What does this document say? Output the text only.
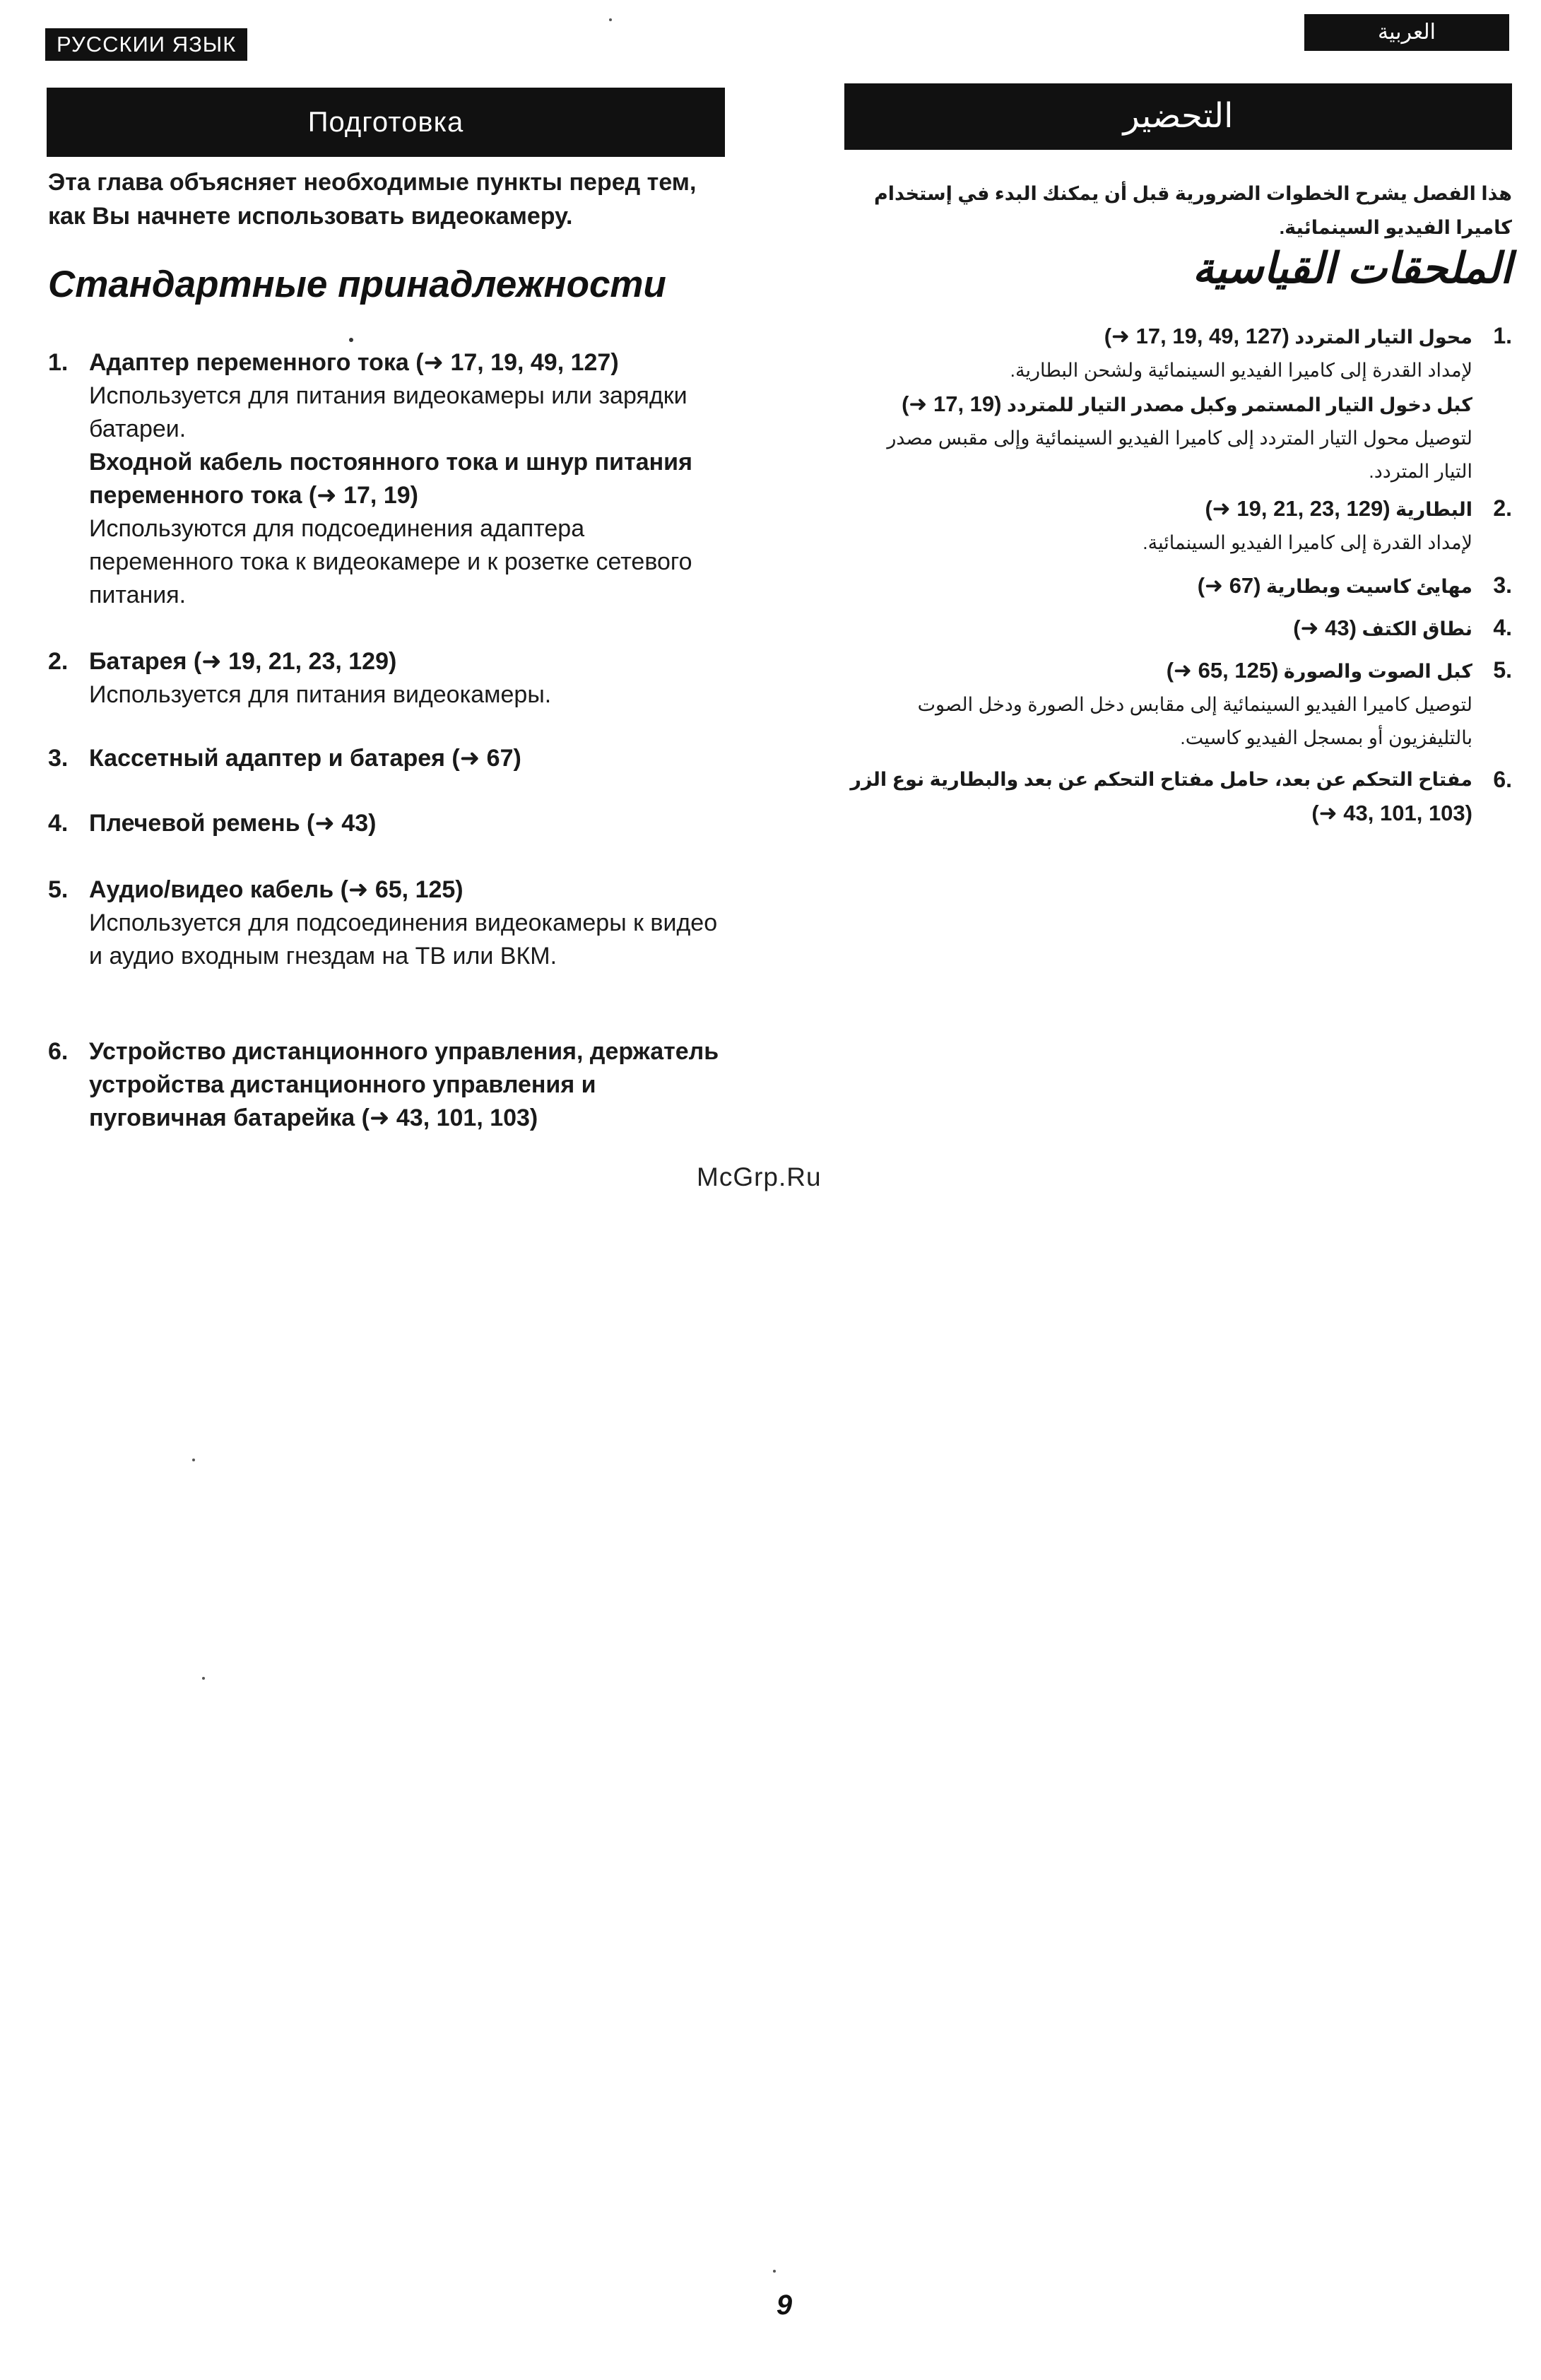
РУССКИИ ЯЗЫК	العربية
Подготовка	التحضير
Эта глава объясняет необходимые пункты перед тем, как Вы начнете использовать видеокамеру.
Стандартные принадлежности
1. Адаптер переменного тока (➜ 17, 19, 49, 127)
Используется для питания видеокамеры или зарядки батареи.
Входной кабель постоянного тока и шнур питания переменного тока (➜ 17, 19)
Используются для подсоединения адаптера переменного тока к видеокамере и к розетке сетевого питания.
2. Батарея (➜ 19, 21, 23, 129)
Используется для питания видеокамеры.
3. Кассетный адаптер и батарея (➜ 67)
4. Плечевой ремень (➜ 43)
5. Аудио/видео кабель (➜ 65, 125)
Используется для подсоединения видеокамеры к видео и аудио входным гнездам на ТВ или ВКМ.
6. Устройство дистанционного управления, держатель устройства дистанционного управления и пуговичная батарейка (➜ 43, 101, 103)
هذا الفصل يشرح الخطوات الضرورية قبل أن يمكنك البدء في إستخدام كاميرا الفيديو السينمائية.
الملحقات القياسية
.1
محول التيار المتردد (➜ 17, 19, 49, 127)
لإمداد القدرة إلى كاميرا الفيديو السينمائية ولشحن البطارية.
كبل دخول التيار المستمر وكبل مصدر التيار للمتردد (➜ 17, 19)
لتوصيل محول التيار المتردد إلى كاميرا الفيديو السينمائية وإلى مقبس مصدر التيار المتردد.
.2
البطارية (➜ 19, 21, 23, 129)
لإمداد القدرة إلى كاميرا الفيديو السينمائية.
.3
مهايئ كاسيت وبطارية (➜ 67)
.4
نطاق الكتف (➜ 43)
.5
كبل الصوت والصورة (➜ 65, 125)
لتوصيل كاميرا الفيديو السينمائية إلى مقابس دخل الصورة ودخل الصوت بالتليفزيون أو بمسجل الفيديو كاسيت.
.6
مفتاح التحكم عن بعد، حامل مفتاح التحكم عن بعد والبطارية نوع الزر
(➜ 43, 101, 103)
McGrp.Ru
9
